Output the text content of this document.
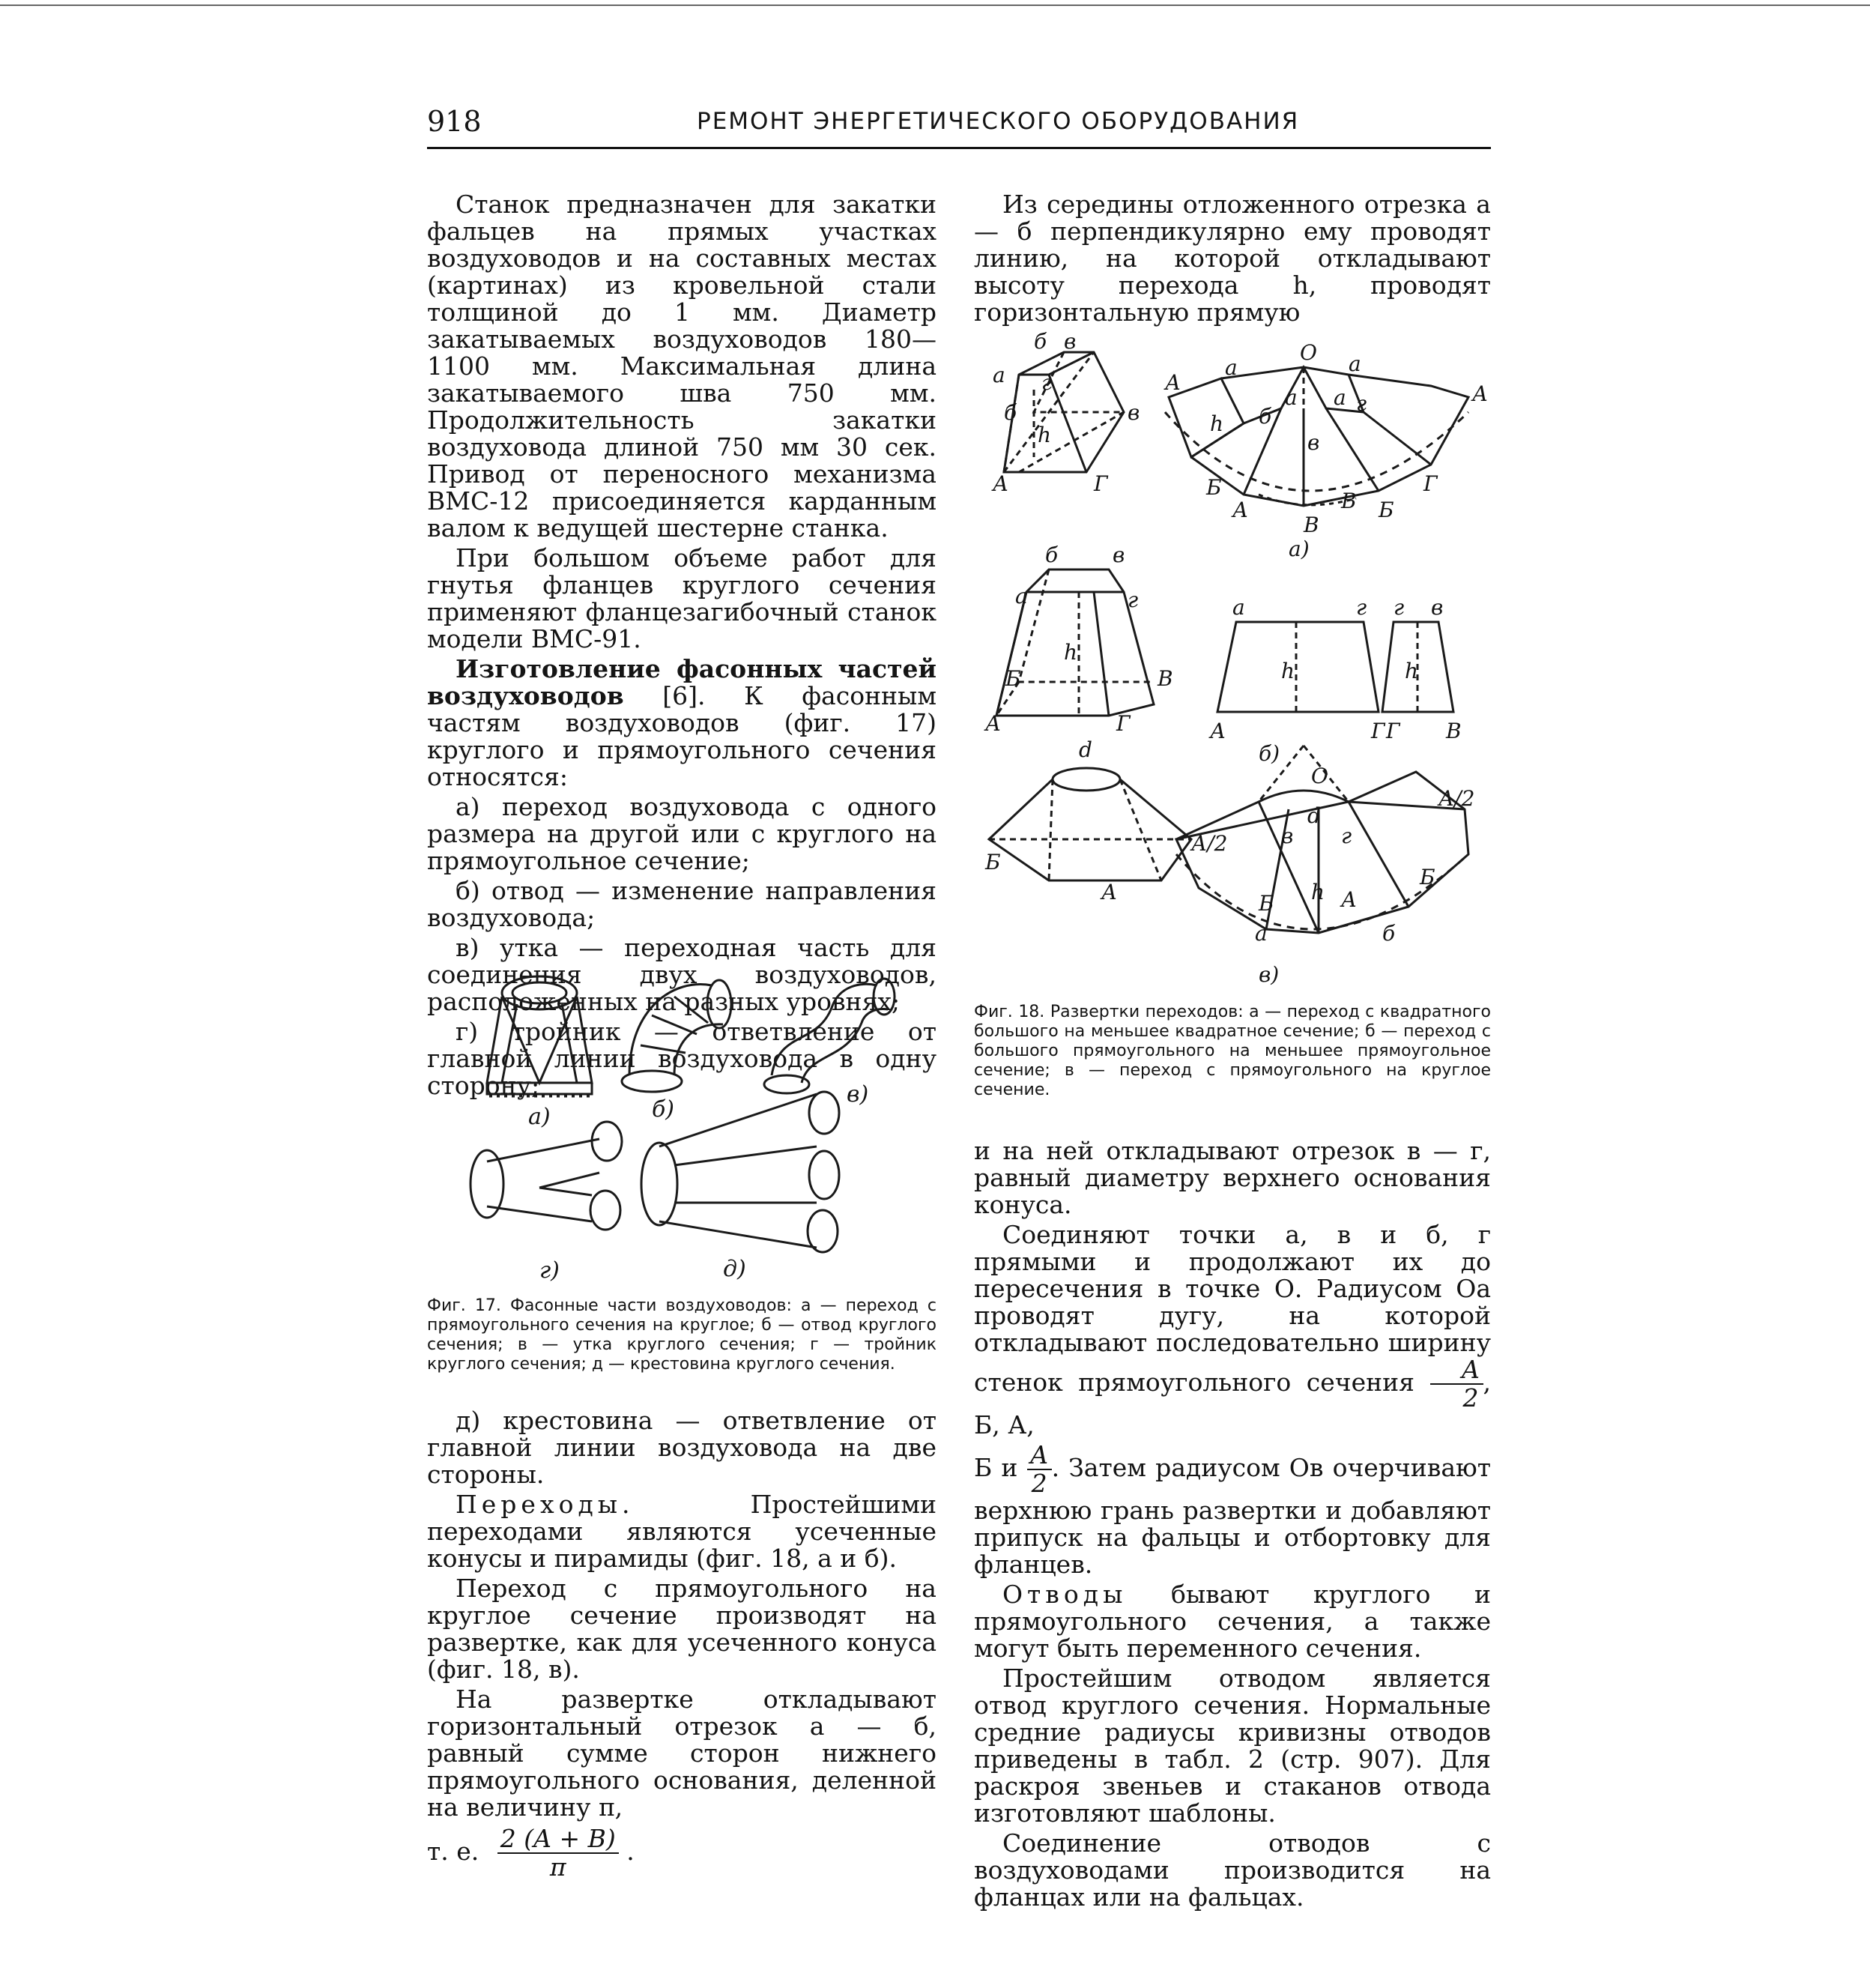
918	РЕМОНТ ЭНЕРГЕТИЧЕСКОГО ОБОРУДОВАНИЯ

Станок предназначен для закатки фальцев на прямых участках воздуховодов и на составных местах (картинах) из кровельной стали толщиной до 1 мм. Диаметр закатываемых воздуховодов 180—1100 мм. Максимальная длина закатываемого шва 750 мм. Продолжительность закатки воздуховода длиной 750 мм 30 сек. Привод от переносного механизма ВМС-12 присоединяется карданным валом к ведущей шестерне станка.

При большом объеме работ для гнутья фланцев круглого сечения применяют фланцезагибочный станок модели ВМС-91.

Изготовление фасонных частей воздуховодов [6]. К фасонным частям воздуховодов (фиг. 17) круглого и прямоугольного сечения относятся:

а) переход воздуховода с одного размера на другой или с круглого на прямоугольное сечение;

б) отвод — изменение направления воздуховода;

в) утка — переходная часть для соединения двух воздуховодов, расположенных на разных уровнях;

г) тройник — ответвление от главной линии воздуховода в одну сторону;

а)	б)
в)
г)	д)
Фиг. 17. Фасонные части воздуховодов: а — переход с прямоугольного сечения на круглое; б — отвод круглого сечения; в — утка круглого сечения; г — тройник круглого сечения; д — крестовина круглого сечения.

д) крестовина — ответвление от главной линии воздуховода на две стороны.

Переходы. Простейшими переходами являются усеченные конусы и пирамиды (фиг. 18, а и б).

Переход с прямоугольного на круглое сечение производят на развертке, как для усеченного конуса (фиг. 18, в).

На развертке откладывают горизонтальный отрезок а — б, равный сумме сторон нижнего прямоугольного основания, деленной на величину π,

т. е. $\frac{2 (A + B)}{\pi}$ .

Из середины отложенного отрезка а — б перпендикулярно ему проводят линию, на которой откладывают высоту перехода h, проводят горизонтальную прямую

б в
а г
б	в
h
А	Г
О
А
а	а
А
h б
а а г
в
Б	Г
А	Б
В
В
а)
б	в
а	г
Б	В
h
А	Г
а	г
h
А	Г
г в
h
Г В
б)
d
Б
А
О
d
А/2
А/2	в г
h
Б
А
Б
а	б
в)
Фиг. 18. Развертки переходов: а — переход с квадратного большого на меньшее квадратное сечение; б — переход с большого прямоугольного на меньшее прямоугольное сечение; в — переход с прямоугольного на круглое сечение.

и на ней откладывают отрезок в — г, равный диаметру верхнего основания конуса.

Соединяют точки а, в и б, г прямыми и продолжают их до пересечения в точке О. Радиусом Оа проводят дугу, на которой откладывают последовательно ширину стенок прямоугольного сечения $\frac{А}{2}$ , Б, А,

Б и $\frac{А}{2}$ . Затем радиусом Ов очерчивают верхнюю грань развертки и добавляют припуск на фальцы и отбортовку для фланцев.

Отводы бывают круглого и прямоугольного сечения, а также могут быть переменного сечения.

Простейшим отводом является отвод круглого сечения. Нормальные средние радиусы кривизны отводов приведены в табл. 2 (стр. 907). Для раскроя звеньев и стаканов отвода изготовляют шаблоны.

Соединение отводов с воздуховодами производится на фланцах или на фальцах.
